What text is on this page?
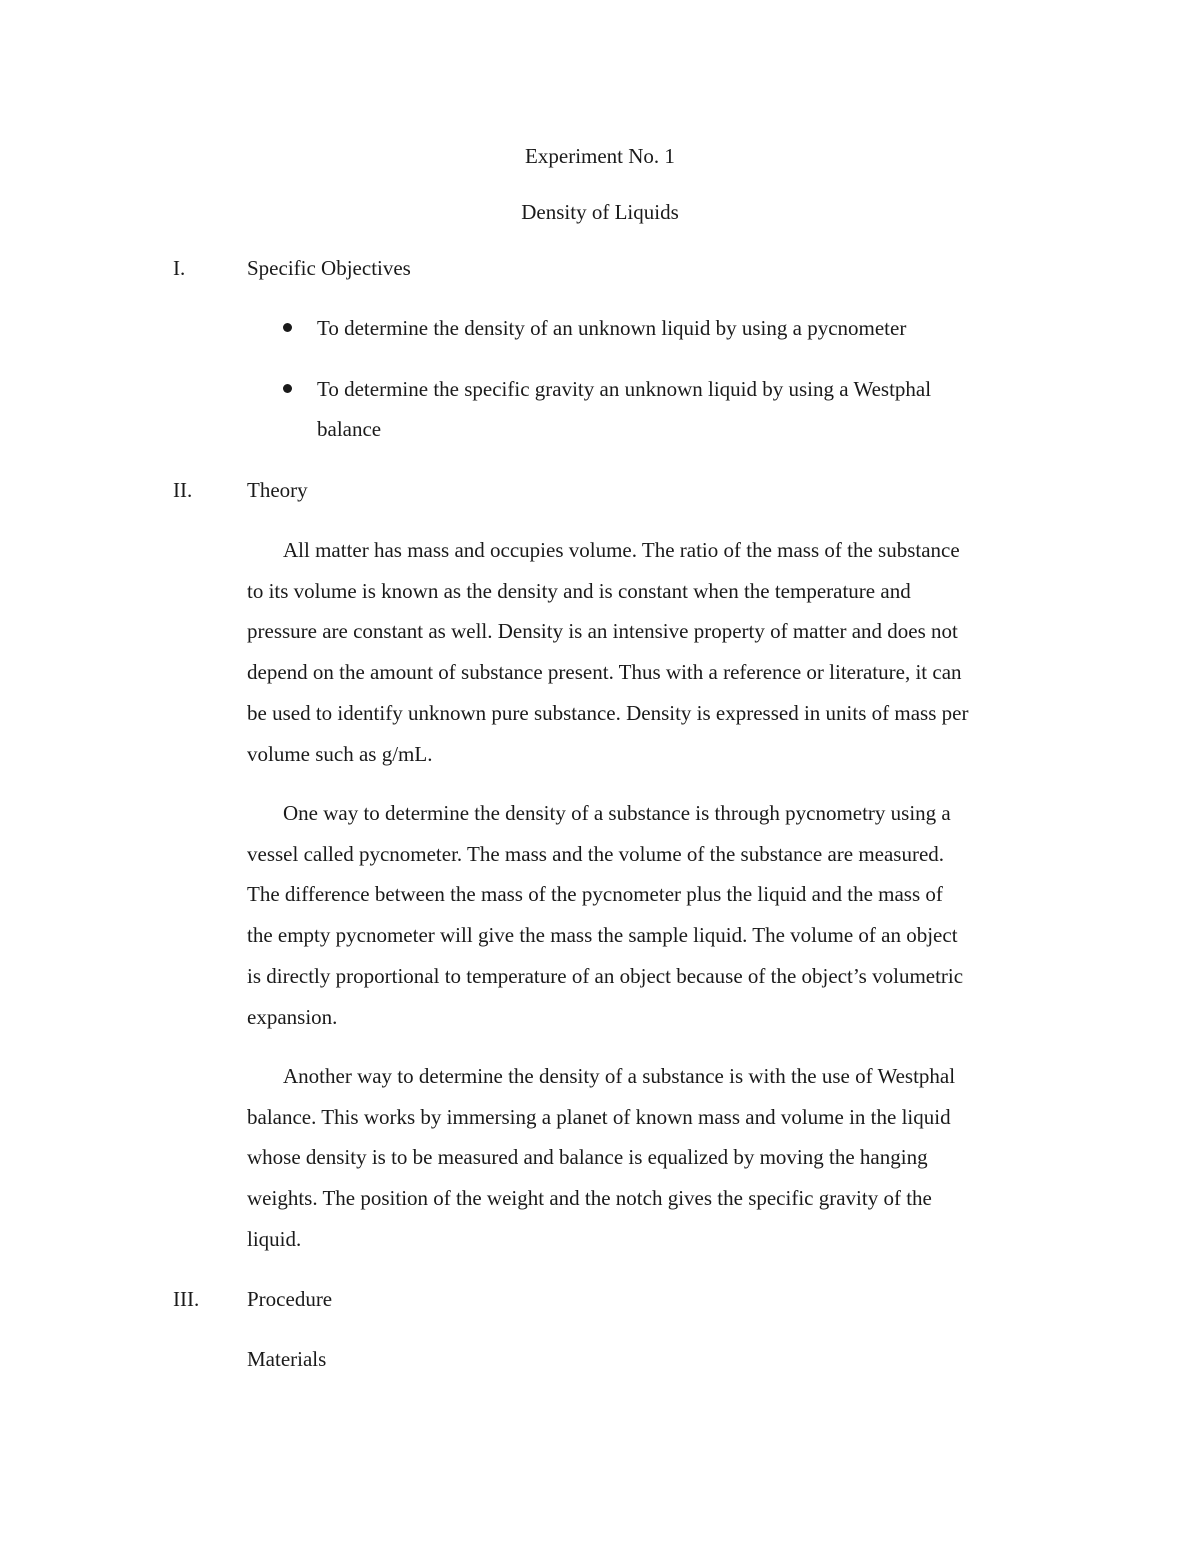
Experiment No. 1
Density of Liquids
I.	Specific Objectives
To determine the density of an unknown liquid by using a pycnometer
To determine the specific gravity an unknown liquid by using a Westphal
balance
II.	Theory
All matter has mass and occupies volume. The ratio of the mass of the substance
to its volume is known as the density and is constant when the temperature and
pressure are constant as well. Density is an intensive property of matter and does not
depend on the amount of substance present. Thus with a reference or literature, it can
be used to identify unknown pure substance. Density is expressed in units of mass per
volume such as g/mL.
One way to determine the density of a substance is through pycnometry using a
vessel called pycnometer. The mass and the volume of the substance are measured.
The difference between the mass of the pycnometer plus the liquid and the mass of
the empty pycnometer will give the mass the sample liquid. The volume of an object
is directly proportional to temperature of an object because of the object’s volumetric
expansion.
Another way to determine the density of a substance is with the use of Westphal
balance. This works by immersing a planet of known mass and volume in the liquid
whose density is to be measured and balance is equalized by moving the hanging
weights. The position of the weight and the notch gives the specific gravity of the
liquid.
III. Procedure
Materials
